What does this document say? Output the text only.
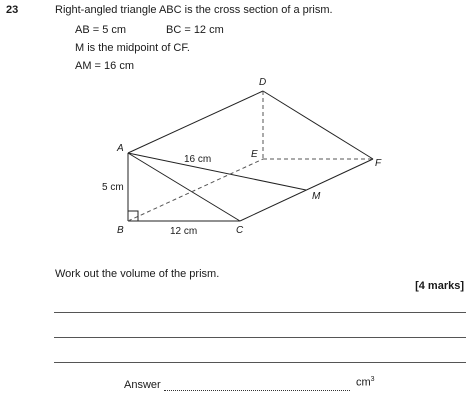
23	Right-angled triangle ABC is the cross section of a prism.
AB = 5 cm	BC = 12 cm
M is the midpoint of CF.
AM = 16 cm
A
B	C
D
E
F
M
16 cm
5 cm
12 cm
Work out the volume of the prism.
[4 marks]
Answer	$cm^3$
